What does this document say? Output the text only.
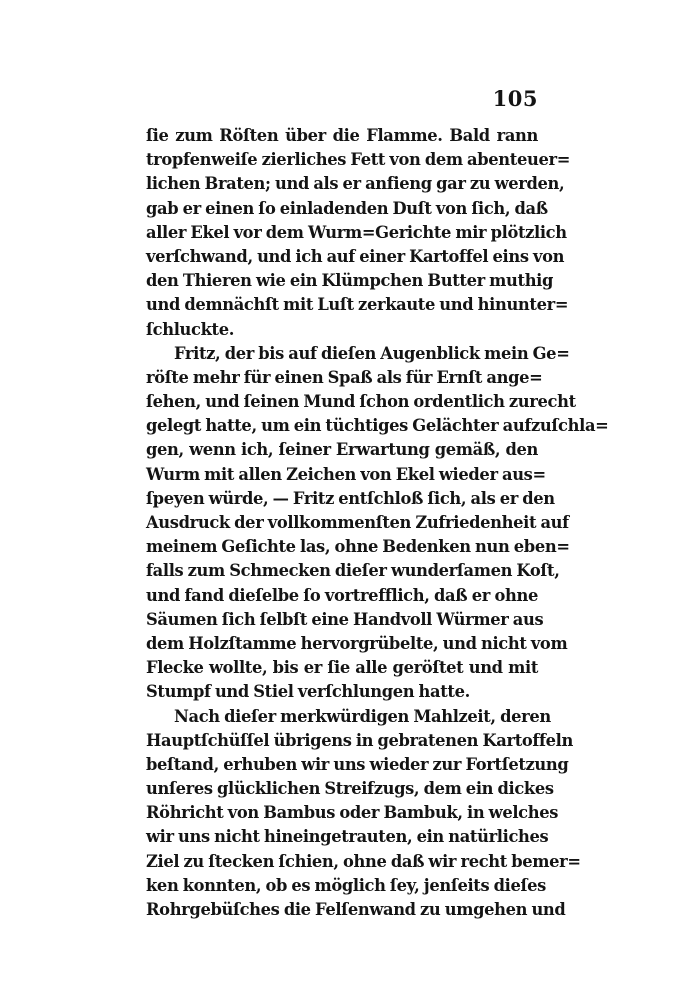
105
ſie zum Röſten über die Flamme. Bald rann
tropfenweiſe zierliches Fett von dem abenteuer=
lichen Braten; und als er anfieng gar zu werden,
gab er einen ſo einladenden Duſt von ſich, daß
aller Ekel vor dem Wurm=Gerichte mir plötzlich
verſchwand, und ich auf einer Kartoffel eins von
den Thieren wie ein Klümpchen Butter muthig
und demnächſt mit Luſt zerkaute und hinunter=
ſchluckte.
Fritz, der bis auf dieſen Augenblick mein Ge=
röſte mehr für einen Spaß als für Ernſt ange=
ſehen, und ſeinen Mund ſchon ordentlich zurecht
gelegt hatte, um ein tüchtiges Gelächter aufzuſchla=
gen, wenn ich, ſeiner Erwartung gemäß, den
Wurm mit allen Zeichen von Ekel wieder aus=
ſpeyen würde, — Fritz entſchloß ſich, als er den
Ausdruck der vollkommenſten Zufriedenheit auf
meinem Geſichte las, ohne Bedenken nun eben=
falls zum Schmecken dieſer wunderſamen Koſt,
und fand dieſelbe ſo vortrefflich, daß er ohne
Säumen ſich ſelbſt eine Handvoll Würmer aus
dem Holzſtamme hervorgrübelte, und nicht vom
Flecke wollte, bis er ſie alle geröſtet und mit
Stumpf und Stiel verſchlungen hatte.
Nach dieſer merkwürdigen Mahlzeit, deren
Hauptſchüſſel übrigens in gebratenen Kartoffeln
beſtand, erhuben wir uns wieder zur Fortſetzung
unſeres glücklichen Streifzugs, dem ein dickes
Röhricht von Bambus oder Bambuk, in welches
wir uns nicht hineingetrauten, ein natürliches
Ziel zu ſtecken ſchien, ohne daß wir recht bemer=
ken konnten, ob es möglich ſey, jenſeits dieſes
Rohrgebüſches die Felſenwand zu umgehen und
